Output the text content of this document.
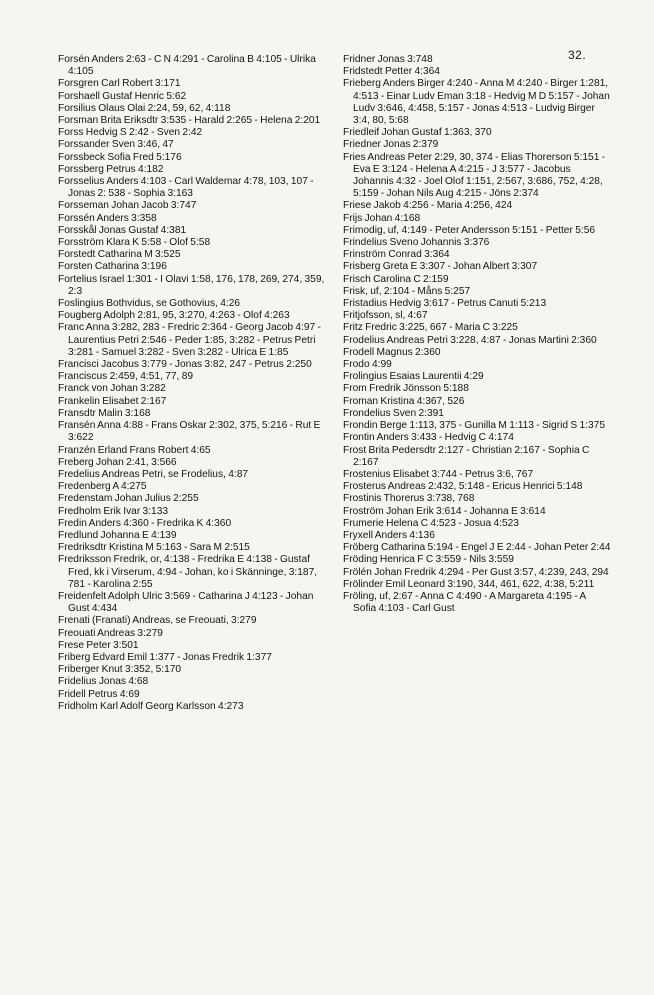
32.
Forsén Anders 2:63 - C N 4:291 - Carolina B 4:105 - Ulrika 4:105
Forsgren Carl Robert 3:171
Forshaell Gustaf Henric 5:62
Forsilius Olaus Olai 2:24, 59, 62, 4:118
Forsman Brita Eriksdtr 3:535 - Harald 2:265 - Helena 2:201
Forss Hedvig S 2:42 - Sven 2:42
Forssander Sven 3:46, 47
Forssbeck Sofia Fred 5:176
Forssberg Petrus 4:182
Forsselius Anders 4:103 - Carl Waldemar 4:78, 103, 107 - Jonas 2: 538 - Sophia 3:163
Forsseman Johan Jacob 3:747
Forssén Anders 3:358
Forsskål Jonas Gustaf 4:381
Forsström Klara K 5:58 - Olof 5:58
Forstedt Catharina M 3:525
Forsten Catharina 3:196
Fortelius Israel 1:301 - I Olavi 1:58, 176, 178, 269, 274, 359, 2:3
Foslingius Bothvidus, se Gothovius, 4:26
Fougberg Adolph 2:81, 95, 3:270, 4:263 - Olof 4:263
Franc Anna 3:282, 283 - Fredric 2:364 - Georg Jacob 4:97 - Laurentius Petri 2:546 - Peder 1:85, 3:282 - Petrus Petri 3:281 - Samuel 3:282 - Sven 3:282 - Ulrica E 1:85
Francisci Jacobus 3:779 - Jonas 3:82, 247 - Petrus 2:250
Franciscus 2:459, 4:51, 77, 89
Franck von Johan 3:282
Frankelin Elisabet 2:167
Fransdtr Malin 3:168
Fransén Anna 4:88 - Frans Oskar 2:302, 375, 5:216 - Rut E 3:622
Franzén Erland Frans Robert 4:65
Freberg Johan 2:41, 3:566
Fredelius Andreas Petri, se Frodelius, 4:87
Fredenberg A 4:275
Fredenstam Johan Julius 2:255
Fredholm Erik Ivar 3:133
Fredin Anders 4:360 - Fredrika K 4:360
Fredlund Johanna E 4:139
Fredriksdtr Kristina M 5:163 - Sara M 2:515
Fredriksson Fredrik, or, 4:138 - Fredrika E 4:138 - Gustaf Fred, kk i Virserum, 4:94 - Johan, ko i Skänninge, 3:187, 781 - Karolina 2:55
Freidenfelt Adolph Ulric 3:569 - Catharina J 4:123 - Johan Gust 4:434
Frenati (Franati) Andreas, se Freouati, 3:279
Freouati Andreas 3:279
Frese Peter 3:501
Friberg Edvard Emil 1:377 - Jonas Fredrik 1:377
Friberger Knut 3:352, 5:170
Fridelius Jonas 4:68
Fridell Petrus 4:69
Fridholm Karl Adolf Georg Karlsson 4:273
Fridner Jonas 3:748
Fridstedt Petter 4:364
Frieberg Anders Birger 4:240 - Anna M 4:240 - Birger 1:281, 4:513 - Einar Ludv Eman 3:18 - Hedvig M D 5:157 - Johan Ludv 3:646, 4:458, 5:157 - Jonas 4:513 - Ludvig Birger 3:4, 80, 5:68
Friedleif Johan Gustaf 1:363, 370
Friedner Jonas 2:379
Fries Andreas Peter 2:29, 30, 374 - Elias Thorerson 5:151 - Eva E 3:124 - Helena A 4:215 - J 3:577 - Jacobus Johannis 4:32 - Joel Olof 1:151, 2:567, 3:686, 752, 4:28, 5:159 - Johan Nils Aug 4:215 - Jöns 2:374
Friese Jakob 4:256 - Maria 4:256, 424
Frijs Johan 4:168
Frimodig, uf, 4:149 - Peter Andersson 5:151 - Petter 5:56
Frindelius Sveno Johannis 3:376
Frinström Conrad 3:364
Frisberg Greta E 3:307 - Johan Albert 3:307
Frisch Carolina C 2:159
Frisk, uf, 2:104 - Måns 5:257
Fristadius Hedvig 3:617 - Petrus Canuti 5:213
Fritjofsson, sl, 4:67
Fritz Fredric 3:225, 667 - Maria C 3:225
Frodelius Andreas Petri 3:228, 4:87 - Jonas Martini 2:360
Frodell Magnus 2:360
Frodo 4:99
Frolingius Esaias Laurentii 4:29
From Fredrik Jönsson 5:188
Froman Kristina 4:367, 526
Frondelius Sven 2:391
Frondin Berge 1:113, 375 - Gunilla M 1:113 - Sigrid S 1:375
Frontin Anders 3:433 - Hedvig C 4:174
Frost Brita Pedersdtr 2:127 - Christian 2:167 - Sophia C 2:167
Frostenius Elisabet 3:744 - Petrus 3:6, 767
Frosterus Andreas 2:432, 5:148 - Ericus Henrici 5:148
Frostinis Thorerus 3:738, 768
Froström Johan Erik 3:614 - Johanna E 3:614
Frumerie Helena C 4:523 - Josua 4:523
Fryxell Anders 4:136
Fröberg Catharina 5:194 - Engel J E 2:44 - Johan Peter 2:44
Fröding Henrica F C 3:559 - Nils 3:559
Frölén Johan Fredrik 4:294 - Per Gust 3:57, 4:239, 243, 294
Frölinder Emil Leonard 3:190, 344, 461, 622, 4:38, 5:211
Fröling, uf, 2:67 - Anna C 4:490 - A Margareta 4:195 - A Sofia 4:103 - Carl Gust
